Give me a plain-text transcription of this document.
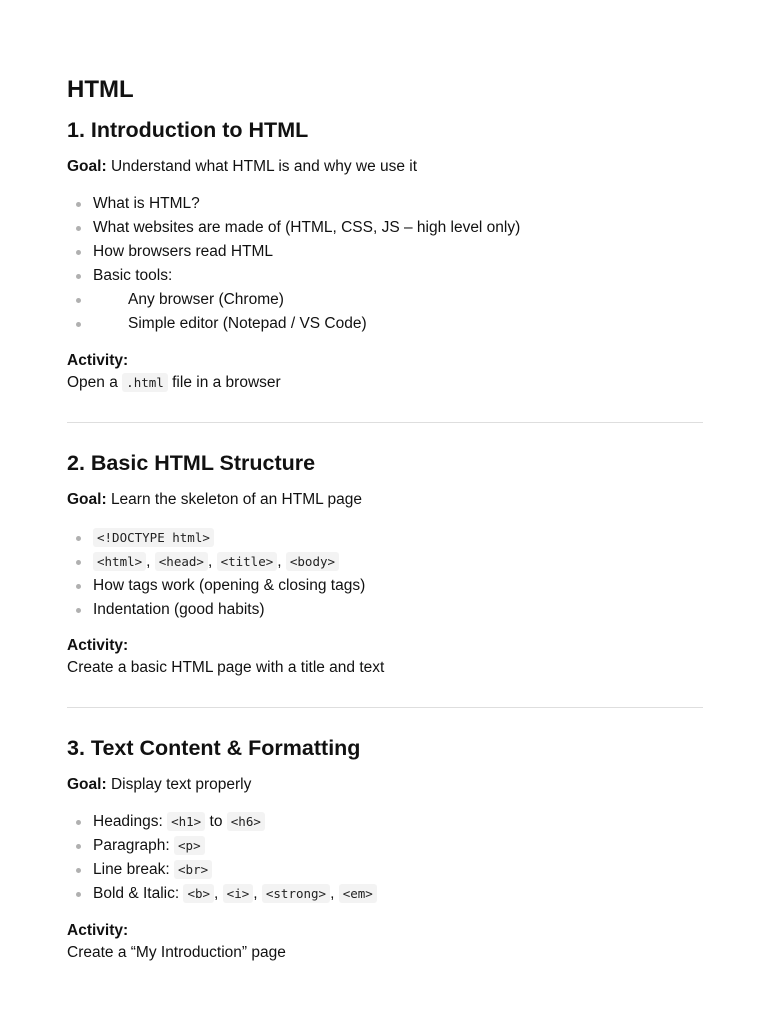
HTML
1. Introduction to HTML

Goal: Understand what HTML is and why we use it

What is HTML?
What websites are made of (HTML, CSS, JS – high level only)
How browsers read HTML
Basic tools:
Any browser (Chrome)
Simple editor (Notepad / VS Code)

Activity:

Open a .html file in a browser

2. Basic HTML Structure

Goal: Learn the skeleton of an HTML page

<!DOCTYPE html>
<html> , <head> , <title> , <body>
How tags work (opening & closing tags)
Indentation (good habits)

Activity:

Create a basic HTML page with a title and text

3. Text Content & Formatting

Goal: Display text properly

Headings: <h1> to <h6>
Paragraph: <p>
Line break: <br>
Bold & Italic: <b> , <i> , <strong> , <em>

Activity:

Create a “My Introduction” page
